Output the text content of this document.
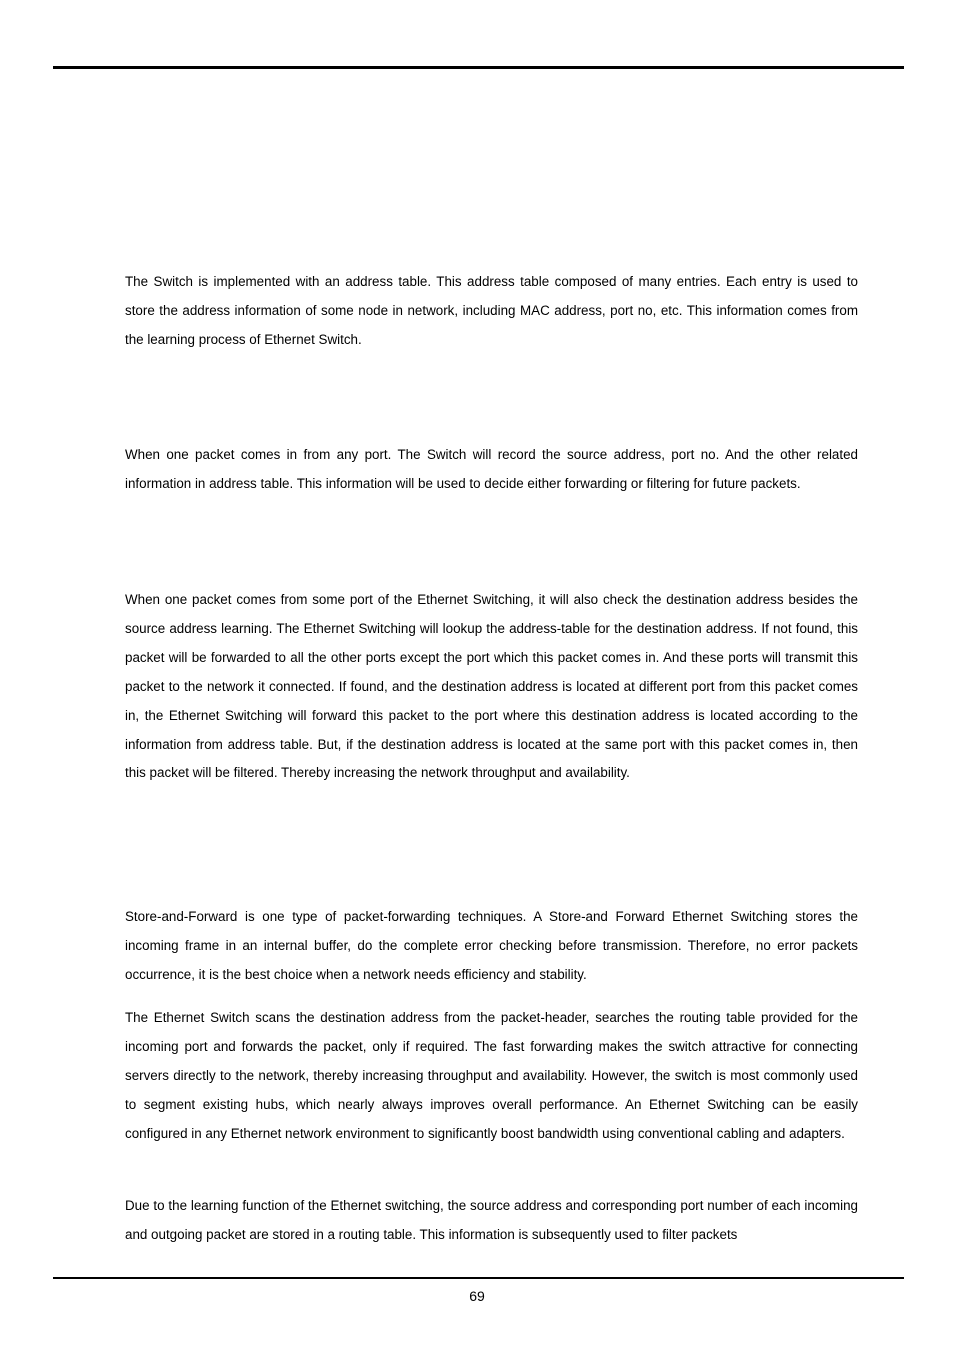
The Switch is implemented with an address table. This address table composed of many entries. Each entry is used to store the address information of some node in network, including MAC address, port no, etc. This information comes from the learning process of Ethernet Switch.

When one packet comes in from any port. The Switch will record the source address, port no. And the other related information in address table. This information will be used to decide either forwarding or filtering for future packets.

When one packet comes from some port of the Ethernet Switching, it will also check the destination address besides the source address learning. The Ethernet Switching will lookup the address-table for the destination address. If not found, this packet will be forwarded to all the other ports except the port which this packet comes in. And these ports will transmit this packet to the network it connected. If found, and the destination address is located at different port from this packet comes in, the Ethernet Switching will forward this packet to the port where this destination address is located according to the information from address table. But, if the destination address is located at the same port with this packet comes in, then this packet will be filtered. Thereby increasing the network throughput and availability.

Store-and-Forward is one type of packet-forwarding techniques. A Store-and Forward Ethernet Switching stores the incoming frame in an internal buffer, do the complete error checking before transmission. Therefore, no error packets occurrence, it is the best choice when a network needs efficiency and stability.

The Ethernet Switch scans the destination address from the packet-header, searches the routing table provided for the incoming port and forwards the packet, only if required. The fast forwarding makes the switch attractive for connecting servers directly to the network, thereby increasing throughput and availability. However, the switch is most commonly used to segment existing hubs, which nearly always improves overall performance. An Ethernet Switching can be easily configured in any Ethernet network environment to significantly boost bandwidth using conventional cabling and adapters.

Due to the learning function of the Ethernet switching, the source address and corresponding port number of each incoming and outgoing packet are stored in a routing table. This information is subsequently used to filter packets

69
